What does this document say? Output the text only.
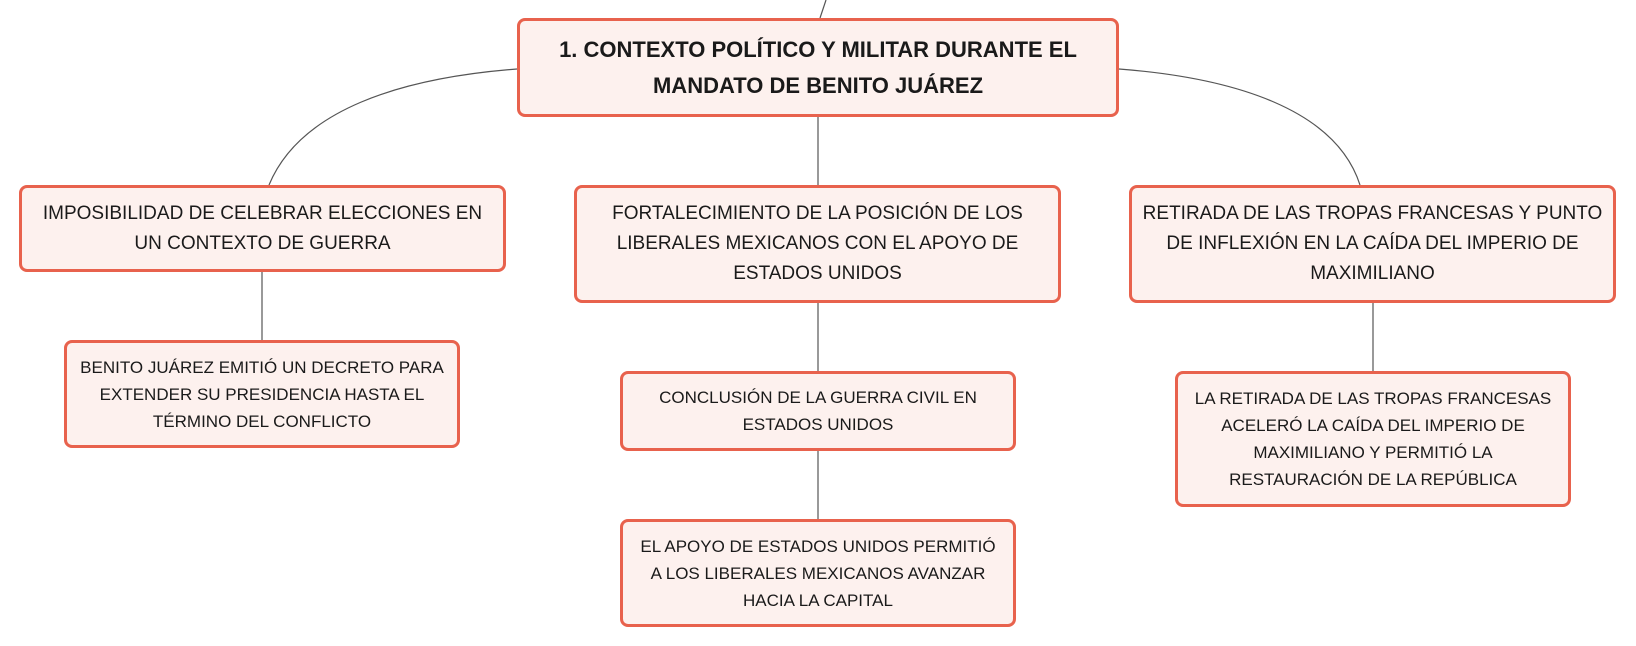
1. CONTEXTO POLÍTICO Y MILITAR DURANTE EL MANDATO DE BENITO JUÁREZ
IMPOSIBILIDAD DE CELEBRAR ELECCIONES EN UN CONTEXTO DE GUERRA
FORTALECIMIENTO DE LA POSICIÓN DE LOS LIBERALES MEXICANOS CON EL APOYO DE ESTADOS UNIDOS
RETIRADA DE LAS TROPAS FRANCESAS Y PUNTO DE INFLEXIÓN EN LA CAÍDA DEL IMPERIO DE MAXIMILIANO
BENITO JUÁREZ EMITIÓ UN DECRETO PARA EXTENDER SU PRESIDENCIA HASTA EL TÉRMINO DEL CONFLICTO
CONCLUSIÓN DE LA GUERRA CIVIL EN ESTADOS UNIDOS
EL APOYO DE ESTADOS UNIDOS PERMITIÓ A LOS LIBERALES MEXICANOS AVANZAR HACIA LA CAPITAL
LA RETIRADA DE LAS TROPAS FRANCESAS ACELERÓ LA CAÍDA DEL IMPERIO DE MAXIMILIANO Y PERMITIÓ LA RESTAURACIÓN DE LA REPÚBLICA
